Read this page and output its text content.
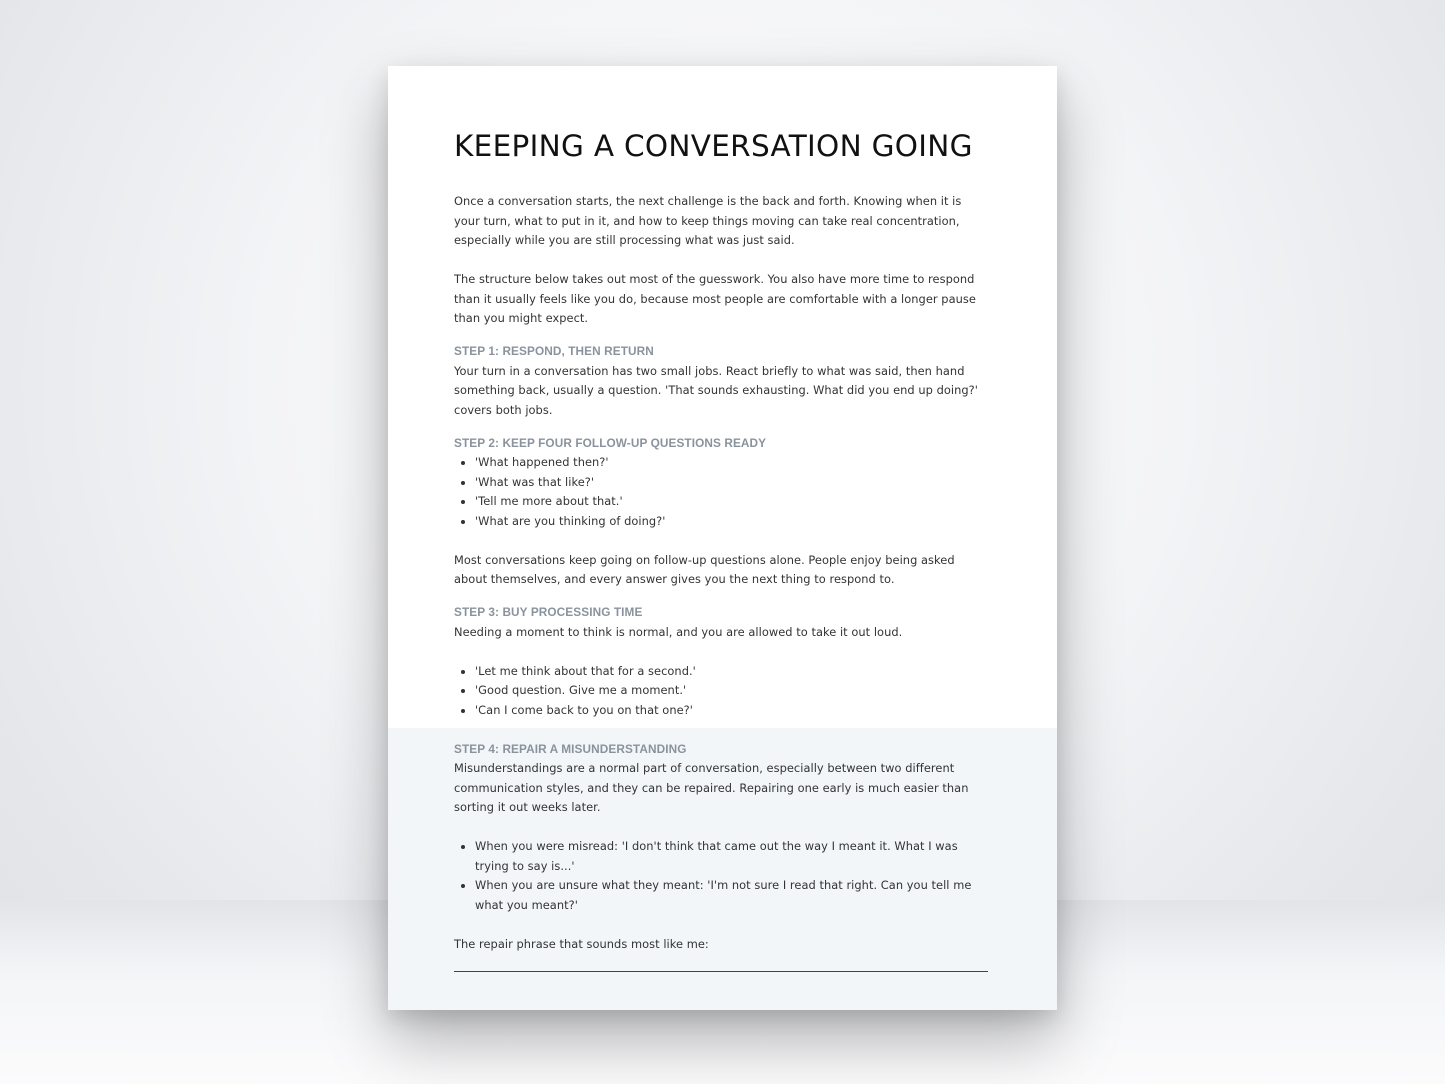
KEEPING A CONVERSATION GOING

Once a conversation starts, the next challenge is the back and forth. Knowing when it is your turn, what to put in it, and how to keep things moving can take real concentration, especially while you are still processing what was just said.

The structure below takes out most of the guesswork. You also have more time to respond than it usually feels like you do, because most people are comfortable with a longer pause than you might expect.

STEP 1: RESPOND, THEN RETURN

Your turn in a conversation has two small jobs. React briefly to what was said, then hand something back, usually a question. 'That sounds exhausting. What did you end up doing?' covers both jobs.

STEP 2: KEEP FOUR FOLLOW-UP QUESTIONS READY
• 'What happened then?'
• 'What was that like?'
• 'Tell me more about that.'
• 'What are you thinking of doing?'

Most conversations keep going on follow-up questions alone. People enjoy being asked about themselves, and every answer gives you the next thing to respond to.

STEP 3: BUY PROCESSING TIME

Needing a moment to think is normal, and you are allowed to take it out loud.

• 'Let me think about that for a second.'
• 'Good question. Give me a moment.'
• 'Can I come back to you on that one?'
STEP 4: REPAIR A MISUNDERSTANDING

Misunderstandings are a normal part of conversation, especially between two different communication styles, and they can be repaired. Repairing one early is much easier than sorting it out weeks later.

• When you were misread: 'I don't think that came out the way I meant it. What I was trying to say is...'
• When you are unsure what they meant: 'I'm not sure I read that right. Can you tell me what you meant?'

The repair phrase that sounds most like me:
